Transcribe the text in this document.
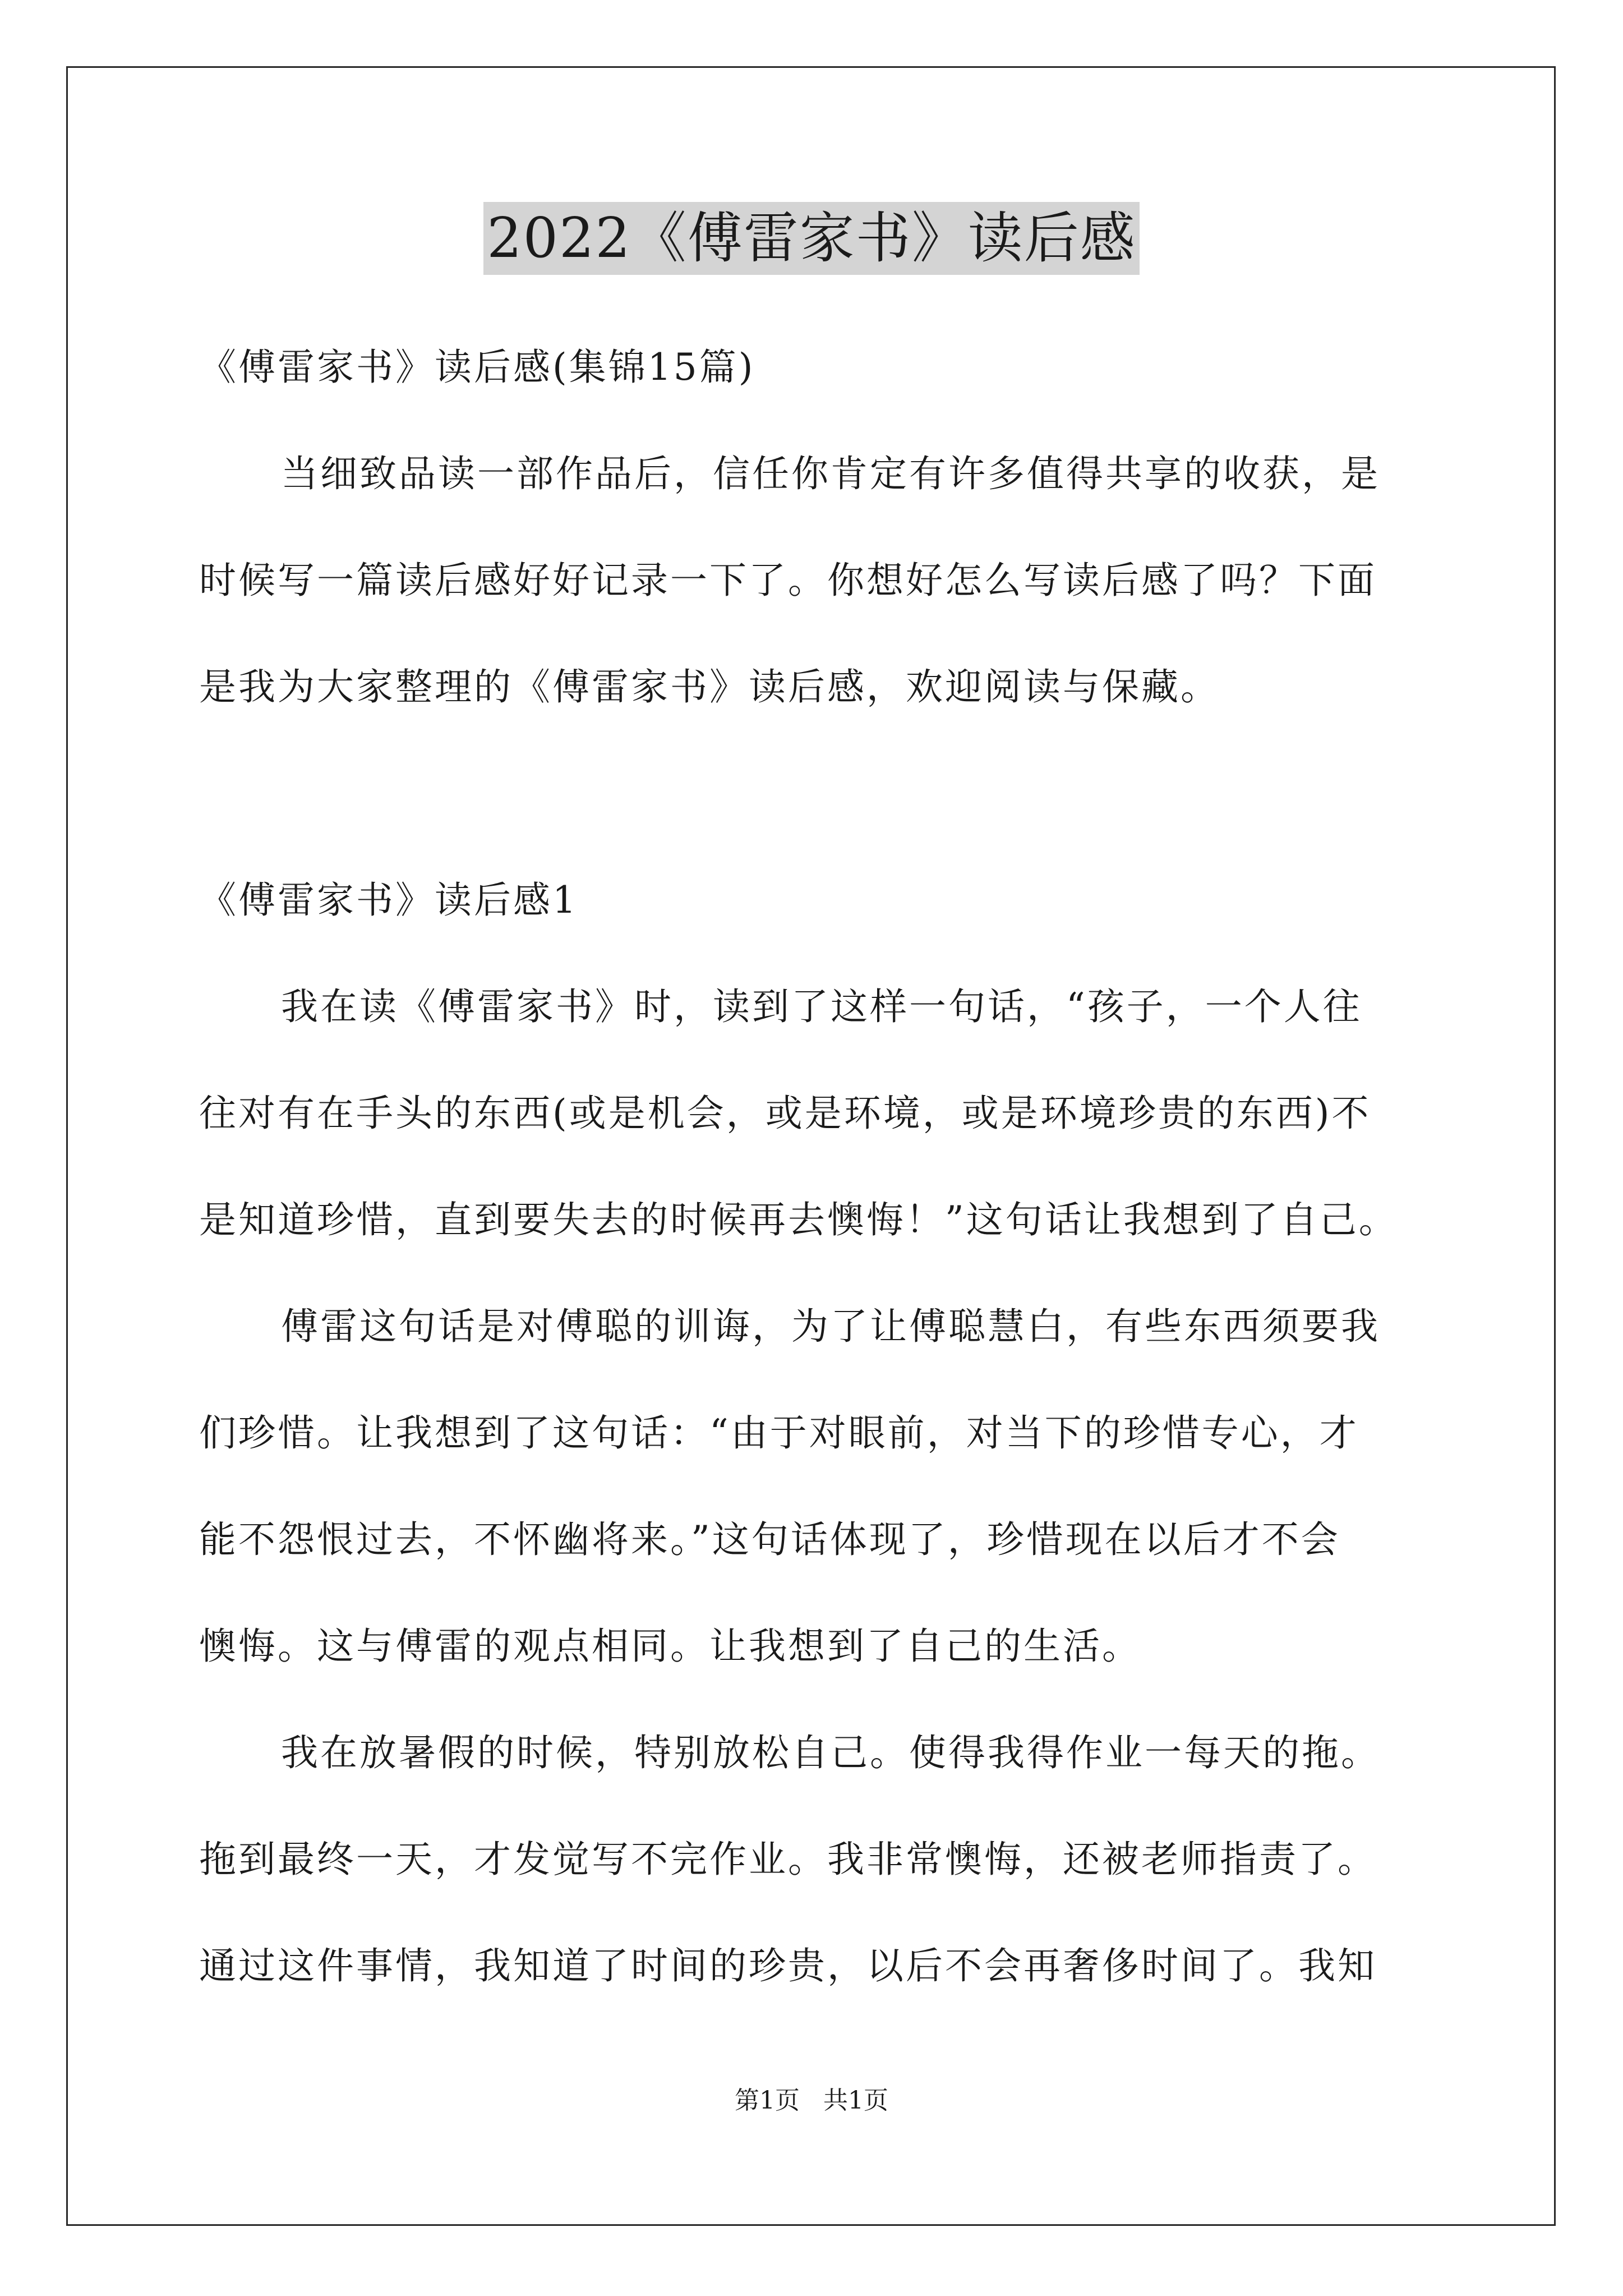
2022《傅雷家书》读后感
《傅雷家书》读后感(集锦15篇)
当细致品读一部作品后，信任你肯定有许多值得共享的收获，是
时候写一篇读后感好好记录一下了。你想好怎么写读后感了吗？下面
是我为大家整理的《傅雷家书》读后感，欢迎阅读与保藏。
《傅雷家书》读后感1
我在读《傅雷家书》时，读到了这样一句话，“孩子，一个人往
往对有在手头的东西(或是机会，或是环境，或是环境珍贵的东西)不
是知道珍惜，直到要失去的时候再去懊悔！”这句话让我想到了自己。
傅雷这句话是对傅聪的训诲，为了让傅聪慧白，有些东西须要我
们珍惜。让我想到了这句话：“由于对眼前，对当下的珍惜专心，才
能不怨恨过去，不怀幽将来。”这句话体现了，珍惜现在以后才不会
懊悔。这与傅雷的观点相同。让我想到了自己的生活。
我在放暑假的时候，特别放松自己。使得我得作业一每天的拖。
拖到最终一天，才发觉写不完作业。我非常懊悔，还被老师指责了。
通过这件事情，我知道了时间的珍贵，以后不会再奢侈时间了。我知
第1页   共1页
